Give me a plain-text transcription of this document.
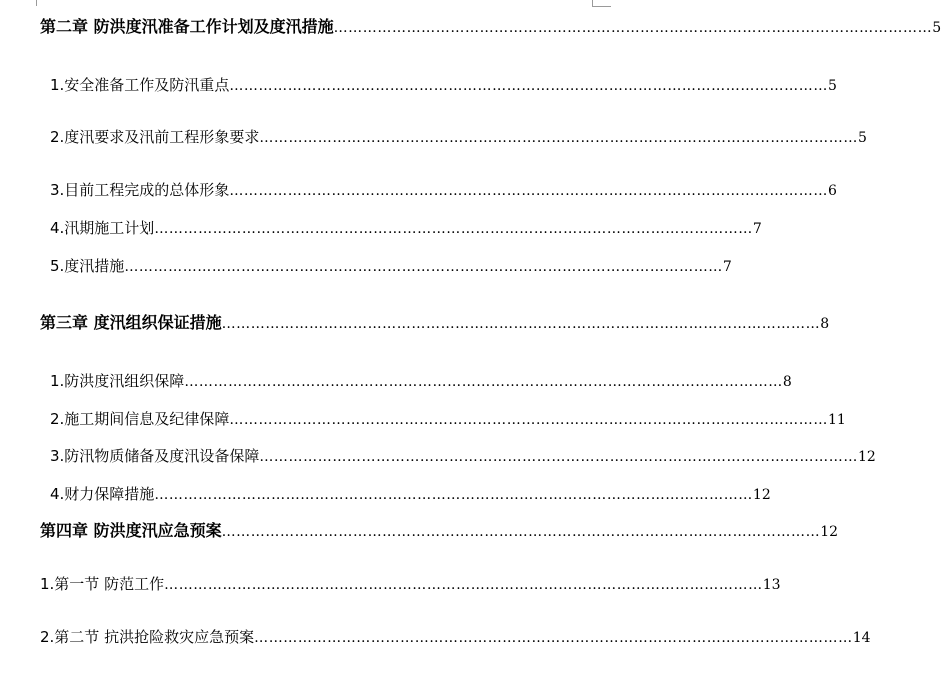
第二章 防洪度汛准备工作计划及度汛措施 …………………………………………………………………………………………………………… 5
1.安全准备工作及防汛重点 …………………………………………………………………………………………………………… 5
2.度汛要求及汛前工程形象要求 …………………………………………………………………………………………………………… 5
3.目前工程完成的总体形象 …………………………………………………………………………………………………………… 6
4.汛期施工计划 …………………………………………………………………………………………………………… 7
5.度汛措施 …………………………………………………………………………………………………………… 7
第三章 度汛组织保证措施 …………………………………………………………………………………………………………… 8
1.防洪度汛组织保障 …………………………………………………………………………………………………………… 8
2.施工期间信息及纪律保障 …………………………………………………………………………………………………………… 11
3.防汛物质储备及度汛设备保障 …………………………………………………………………………………………………………… 12
4.财力保障措施 …………………………………………………………………………………………………………… 12
第四章 防洪度汛应急预案 …………………………………………………………………………………………………………… 12
1.第一节 防范工作 …………………………………………………………………………………………………………… 13
2.第二节 抗洪抢险救灾应急预案 …………………………………………………………………………………………………………… 14
